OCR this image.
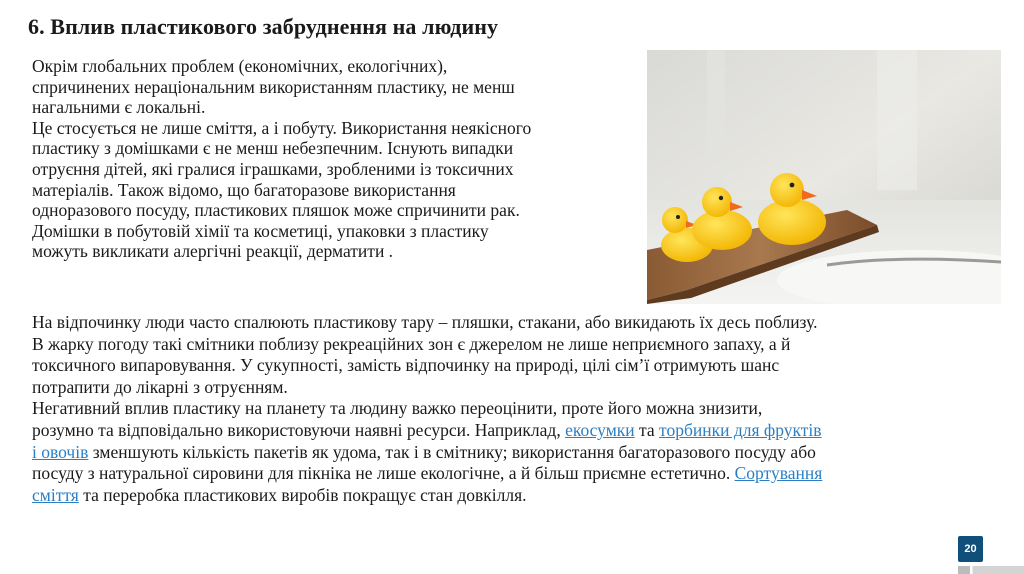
6. Вплив пластикового забруднення на людину
Окрім глобальних проблем (економічних, екологічних),
спричинених нераціональним використанням пластику, не менш
нагальними є локальні.
Це стосується не лише сміття, а і побуту. Використання неякісного
пластику з домішками є не менш небезпечним. Існують випадки
отруєння дітей, які гралися іграшками, зробленими із токсичних
матеріалів. Також відомо, що багаторазове використання
одноразового посуду, пластикових пляшок може спричинити рак.
Домішки в побутовій хімії та косметиці, упаковки з пластику
можуть викликати алергічні реакції, дерматити .
На відпочинку люди часто спалюють пластикову тару – пляшки, стакани, або викидають їх десь поблизу.
В жарку погоду такі смітники поблизу рекреаційних зон є джерелом не лише неприємного запаху, а й
токсичного випаровування. У сукупності, замість відпочинку на природі, цілі сім’ї отримують шанс
потрапити до лікарні з отруєнням.
Негативний вплив пластику на планету та людину важко переоцінити, проте його можна знизити,
розумно та відповідально використовуючи наявні ресурси. Наприклад, екосумки та торбинки для фруктів
і овочів зменшують кількість пакетів як удома, так і в смітнику; використання багаторазового посуду або
посуду з натуральної сировини для пікніка не лише екологічне, а й більш приємне естетично. Сортування
сміття та переробка пластикових виробів покращує стан довкілля.
20
